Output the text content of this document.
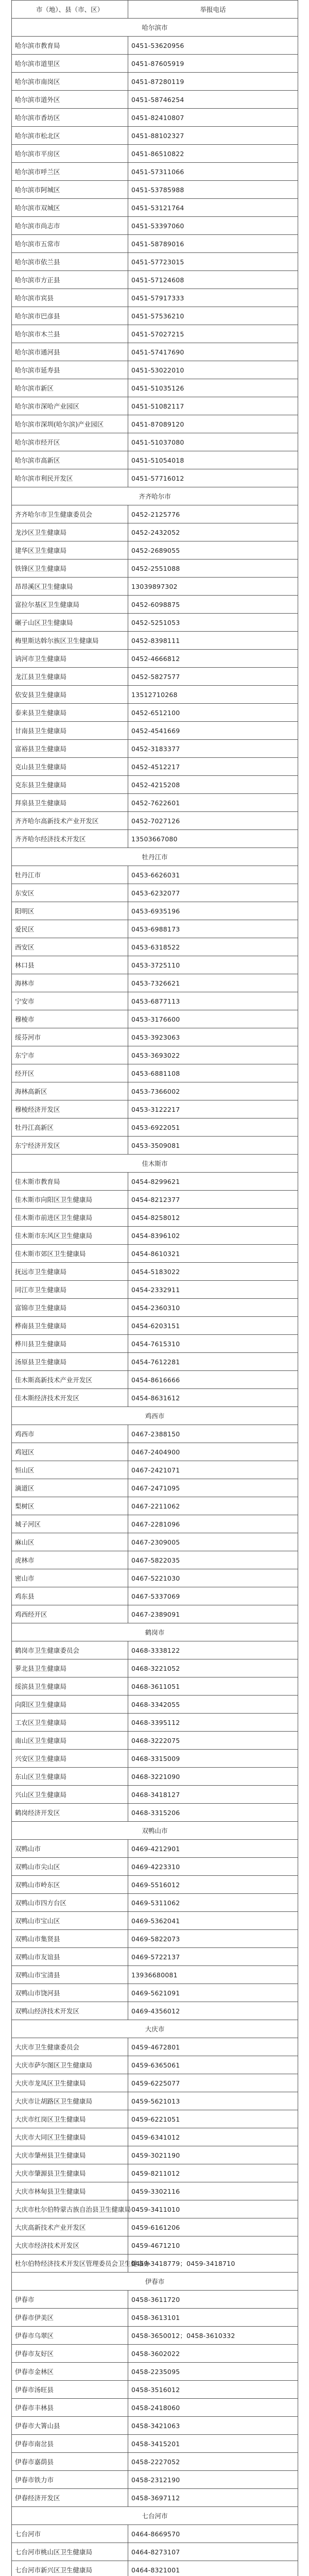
市（地）、县（市、区）	举报电话
哈尔滨市	
哈尔滨市教育局	0451-53620956
哈尔滨市道里区	0451-87605919
哈尔滨市南岗区	0451-87280119
哈尔滨市道外区	0451-58746254
哈尔滨市香坊区	0451-82410807
哈尔滨市松北区	0451-88102327
哈尔滨市平房区	0451-86510822
哈尔滨市呼兰区	0451-57311066
哈尔滨市阿城区	0451-53785988
哈尔滨市双城区	0451-53121764
哈尔滨市尚志市	0451-53397060
哈尔滨市五常市	0451-58789016
哈尔滨市依兰县	0451-57723015
哈尔滨市方正县	0451-57124608
哈尔滨市宾县	0451-57917333
哈尔滨市巴彦县	0451-57536210
哈尔滨市木兰县	0451-57027215
哈尔滨市通河县	0451-57417690
哈尔滨市延寿县	0451-53022010
哈尔滨市新区	0451-51035126
哈尔滨市深哈产业园区	0451-51082117
哈尔滨市深圳(哈尔滨)产业园区	0451-87089120
哈尔滨市经开区	0451-51037080
哈尔滨市高新区	0451-51054018
哈尔滨市利民开发区	0451-57716012
齐齐哈尔市	
齐齐哈尔市卫生健康委员会	0452-2125776
龙沙区卫生健康局	0452-2432052
建华区卫生健康局	0452-2689055
铁锋区卫生健康局	0452-2551088
昂昂溪区卫生健康局	13039897302
富拉尔基区卫生健康局	0452-6098875
碾子山区卫生健康局	0452-5251053
梅里斯达斡尔族区卫生健康局	0452-8398111
讷河市卫生健康局	0452-4666812
龙江县卫生健康局	0452-5827577
依安县卫生健康局	13512710268
泰来县卫生健康局	0452-6512100
甘南县卫生健康局	0452-4541669
富裕县卫生健康局	0452-3183377
克山县卫生健康局	0452-4512217
克东县卫生健康局	0452-4215208
拜泉县卫生健康局	0452-7622601
齐齐哈尔高新技术产业开发区	0452-7027126
齐齐哈尔经济技术开发区	13503667080
牡丹江市	
牡丹江市	0453-6626031
东安区	0453-6232077
阳明区	0453-6935196
爱民区	0453-6988173
西安区	0453-6318522
林口县	0453-3725110
海林市	0453-7326621
宁安市	0453-6877113
穆棱市	0453-3176600
绥芬河市	0453-3923063
东宁市	0453-3693022
经开区	0453-6881108
海林高新区	0453-7366002
穆棱经济开发区	0453-3122217
牡丹江高新区	0453-6922051
东宁经济开发区	0453-3509081
佳木斯市	
佳木斯市教育局	0454-8299621
佳木斯市向阳区卫生健康局	0454-8212377
佳木斯市前进区卫生健康局	0454-8258012
佳木斯市东风区卫生健康局	0454-8396102
佳木斯市郊区卫生健康局	0454-8610321
抚远市卫生健康局	0454-5183022
同江市卫生健康局	0454-2332911
富锦市卫生健康局	0454-2360310
桦南县卫生健康局	0454-6203151
桦川县卫生健康局	0454-7615310
汤原县卫生健康局	0454-7612281
佳木斯高新技术产业开发区	0454-8616666
佳木斯经济技术开发区	0454-8631612
鸡西市	
鸡西市	0467-2388150
鸡冠区	0467-2404900
恒山区	0467-2421071
滴道区	0467-2471095
梨树区	0467-2211062
城子河区	0467-2281096
麻山区	0467-2309005
虎林市	0467-5822035
密山市	0467-5221030
鸡东县	0467-5337069
鸡西经开区	0467-2389091
鹤岗市	
鹤岗市卫生健康委员会	0468-3338122
萝北县卫生健康局	0468-3221052
绥滨县卫生健康局	0468-3611051
向阳区卫生健康局	0468-3342055
工农区卫生健康局	0468-3395112
南山区卫生健康局	0468-3222075
兴安区卫生健康局	0468-3315009
东山区卫生健康局	0468-3221090
兴山区卫生健康局	0468-3418127
鹤岗经济开发区	0468-3315206
双鸭山市	
双鸭山市	0469-4212901
双鸭山市尖山区	0469-4223310
双鸭山市岭东区	0469-5516012
双鸭山市四方台区	0469-5311062
双鸭山市宝山区	0469-5362041
双鸭山市集贤县	0469-5822073
双鸭山市友谊县	0469-5722137
双鸭山市宝清县	13936680081
双鸭山市饶河县	0469-5621091
双鸭山经济技术开发区	0469-4356012
大庆市	
大庆市卫生健康委员会	0459-4672801
大庆市萨尔图区卫生健康局	0459-6365061
大庆市龙凤区卫生健康局	0459-6225077
大庆市让胡路区卫生健康局	0459-5621013
大庆市红岗区卫生健康局	0459-6221051
大庆市大同区卫生健康局	0459-6341012
大庆市肇州县卫生健康局	0459-3021190
大庆市肇源县卫生健康局	0459-8211012
大庆市林甸县卫生健康局	0459-3302116
大庆市杜尔伯特蒙古族自治县卫生健康局	0459-3411010
大庆高新技术产业开发区	0459-6161206
大庆市经济技术开发区	0459-4671210
杜尔伯特经济技术开发区管理委员会卫生健康办	0459-3418779；0459-3418710
伊春市	
伊春市	0458-3611720
伊春市伊美区	0458-3613101
伊春市乌翠区	0458-3650012；0458-3610332
伊春市友好区	0458-3602022
伊春市金林区	0458-2235095
伊春市汤旺县	0458-3516012
伊春市丰林县	0458-2418060
伊春市大箐山县	0458-3421063
伊春市南岔县	0458-3415201
伊春市嘉荫县	0458-2227052
伊春市铁力市	0458-2312190
伊春经济开发区	0458-3697112
七台河市	
七台河市	0464-8669570
七台河市桃山区卫生健康局	0464-8273107
七台河市新兴区卫生健康局	0464-8321001
